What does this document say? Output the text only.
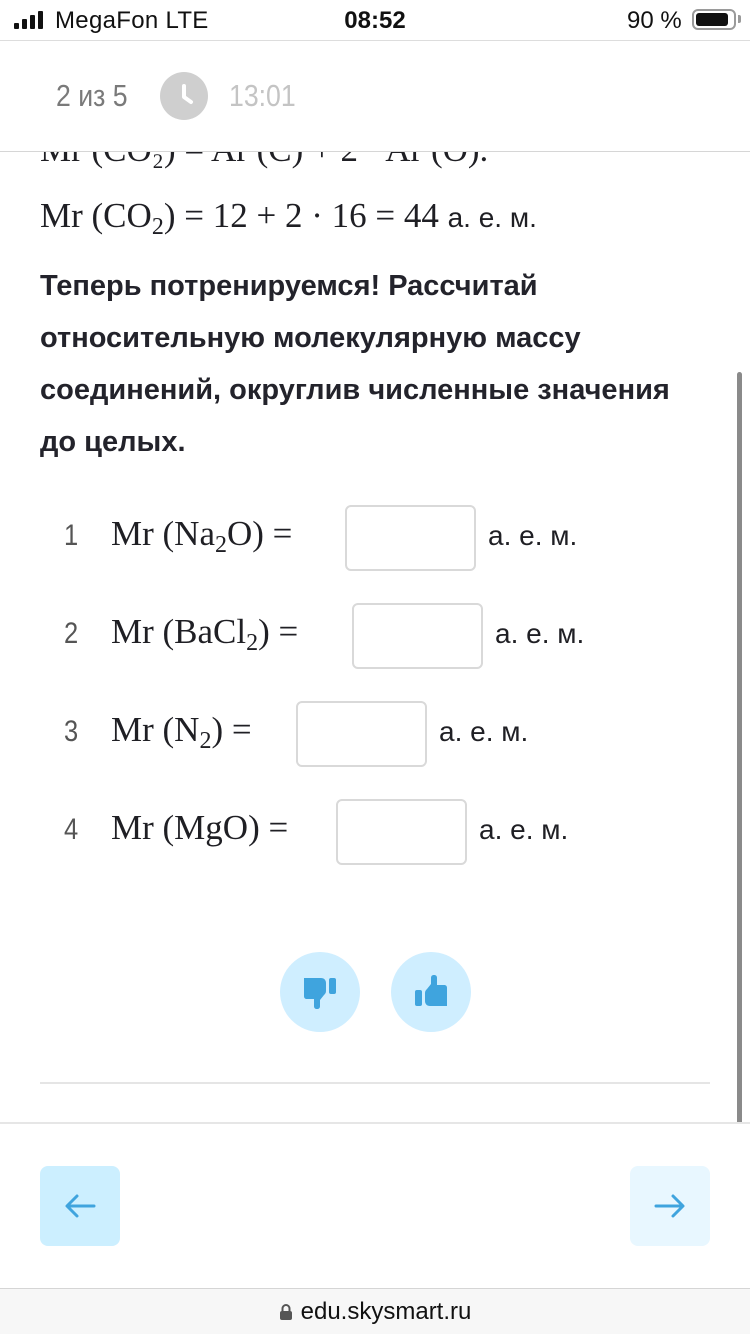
MegaFon LTE	08:52	90 %
2 из 5	13:01
Mr $(CO_2) = 12 + 2 \cdot 16 = 44$ а. е. м.
Теперь потренируемся! Рассчитай относительную молекулярную массу соединений, округлив численные значения до целых.
1 Mr $(Na_2O)$ =	а. е. м.
2 Mr (BaCl$_2$) =	а. е. м.
3 Mr $(N_2)$ =	а. е. м.
4 Mr (MgO) =	а. е. м.
edu.skysmart.ru
